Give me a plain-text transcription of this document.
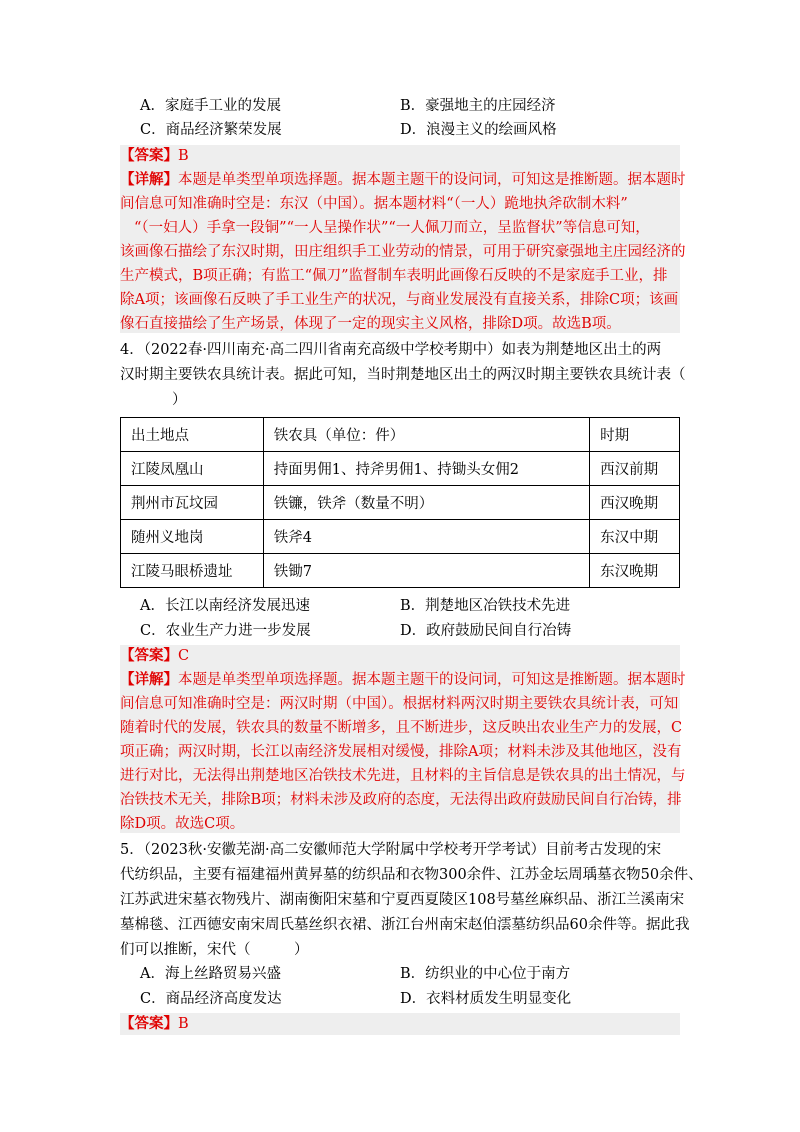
A．家庭手工业的发展	B．豪强地主的庄园经济
C．商品经济繁荣发展	D．浪漫主义的绘画风格
【答案】B
【详解】本题是单类型单项选择题。据本题主题干的设问词，可知这是推断题。据本题时
间信息可知准确时空是：东汉（中国）。据本题材料“（一人）跪地执斧砍制木料”
“（一妇人）手拿一段铜”“一人呈操作状”“一人佩刀而立，呈监督状”等信息可知，
该画像石描绘了东汉时期，田庄组织手工业劳动的情景，可用于研究豪强地主庄园经济的
生产模式，B项正确；有监工“佩刀”监督制车表明此画像石反映的不是家庭手工业，排
除A项；该画像石反映了手工业生产的状况，与商业发展没有直接关系，排除C项；该画
像石直接描绘了生产场景，体现了一定的现实主义风格，排除D项。故选B项。
4．（2022春·四川南充·高二四川省南充高级中学校考期中）如表为荆楚地区出土的两
汉时期主要铁农具统计表。据此可知，当时荆楚地区出土的两汉时期主要铁农具统计表（
）
出土地点	铁农具（单位：件）	时期
江陵凤凰山	持面男佣1、持斧男佣1、持锄头女佣2	西汉前期
荆州市瓦坟园	铁镰，铁斧（数量不明）	西汉晚期
随州义地岗	铁斧4	东汉中期
江陵马眼桥遗址	铁锄7	东汉晚期
A．长江以南经济发展迅速	B．荆楚地区冶铁技术先进
C．农业生产力进一步发展	D．政府鼓励民间自行冶铸
【答案】C
【详解】本题是单类型单项选择题。据本题主题干的设问词，可知这是推断题。据本题时
间信息可知准确时空是：两汉时期（中国）。根据材料两汉时期主要铁农具统计表，可知
随着时代的发展，铁农具的数量不断增多，且不断进步，这反映出农业生产力的发展，C
项正确；两汉时期，长江以南经济发展相对缓慢，排除A项；材料未涉及其他地区，没有
进行对比，无法得出荆楚地区冶铁技术先进，且材料的主旨信息是铁农具的出土情况，与
冶铁技术无关，排除B项；材料未涉及政府的态度，无法得出政府鼓励民间自行冶铸，排
除D项。故选C项。
5．（2023秋·安徽芜湖·高二安徽师范大学附属中学校考开学考试）目前考古发现的宋
代纺织品，主要有福建福州黄昇墓的纺织品和衣物300余件、江苏金坛周瑀墓衣物50余件、
江苏武进宋墓衣物残片、湖南衡阳宋墓和宁夏西夏陵区108号墓丝麻织品、浙江兰溪南宋
墓棉毯、江西德安南宋周氏墓丝织衣裙、浙江台州南宋赵伯澐墓纺织品60余件等。据此我
们可以推断，宋代（　　　）
A．海上丝路贸易兴盛	B．纺织业的中心位于南方
C．商品经济高度发达	D．衣料材质发生明显变化
【答案】B
